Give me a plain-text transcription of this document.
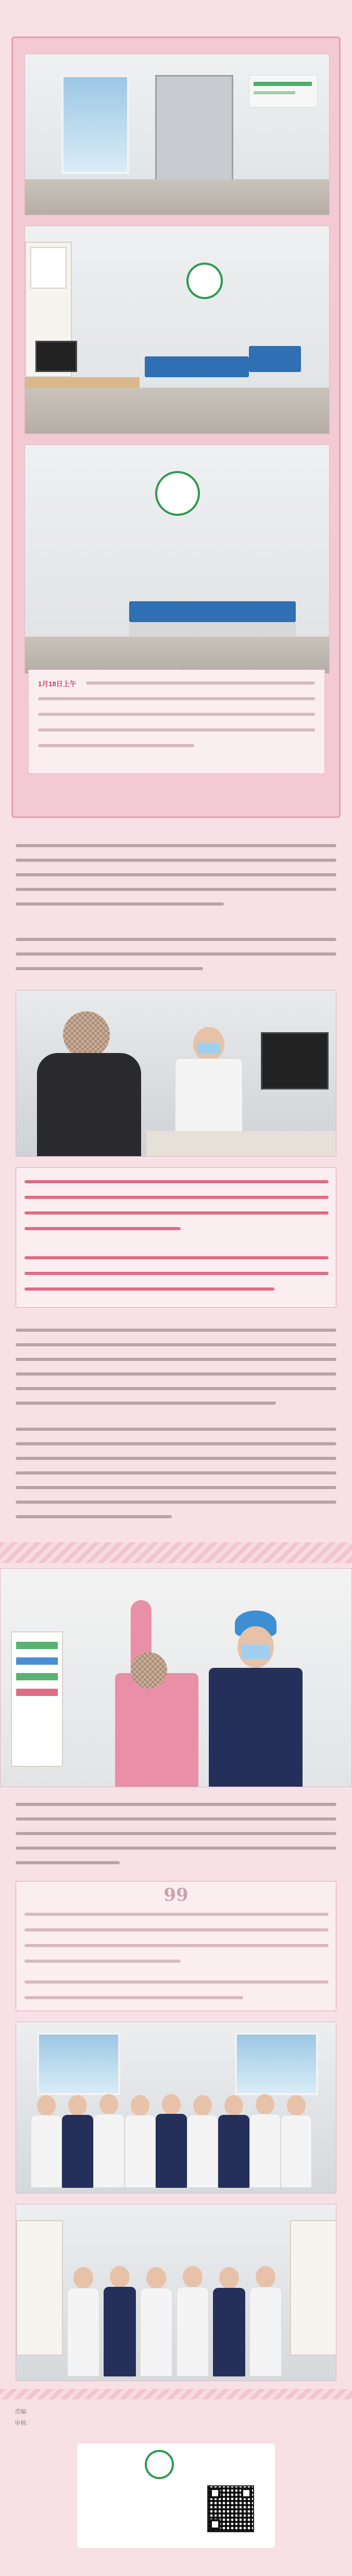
1月18日上午
99
责编:
审核:
